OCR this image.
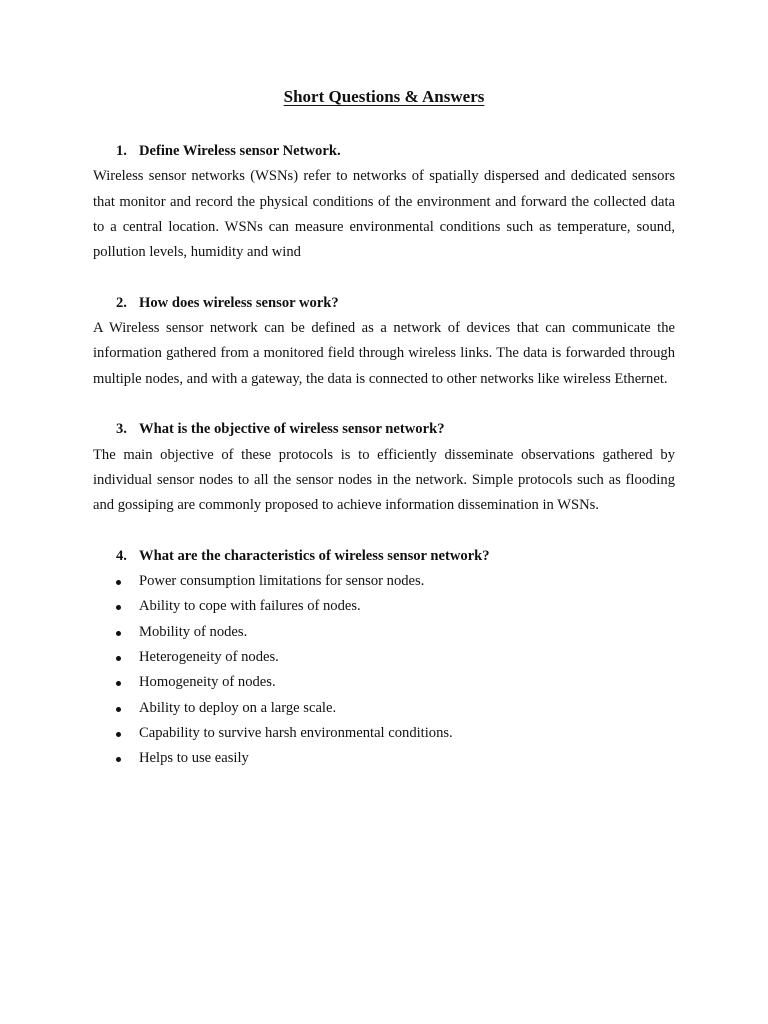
Short Questions & Answers
1. Define Wireless sensor Network.
Wireless sensor networks (WSNs) refer to networks of spatially dispersed and dedicated sensors that monitor and record the physical conditions of the environment and forward the collected data to a central location. WSNs can measure environmental conditions such as temperature, sound, pollution levels, humidity and wind
2. How does wireless sensor work?
A Wireless sensor network can be defined as a network of devices that can communicate the information gathered from a monitored field through wireless links. The data is forwarded through multiple nodes, and with a gateway, the data is connected to other networks like wireless Ethernet.
3. What is the objective of wireless sensor network?
The main objective of these protocols is to efficiently disseminate observations gathered by individual sensor nodes to all the sensor nodes in the network. Simple protocols such as flooding and gossiping are commonly proposed to achieve information dissemination in WSNs.
4. What are the characteristics of wireless sensor network?
Power consumption limitations for sensor nodes.
Ability to cope with failures of nodes.
Mobility of nodes.
Heterogeneity of nodes.
Homogeneity of nodes.
Ability to deploy on a large scale.
Capability to survive harsh environmental conditions.
Helps to use easily
